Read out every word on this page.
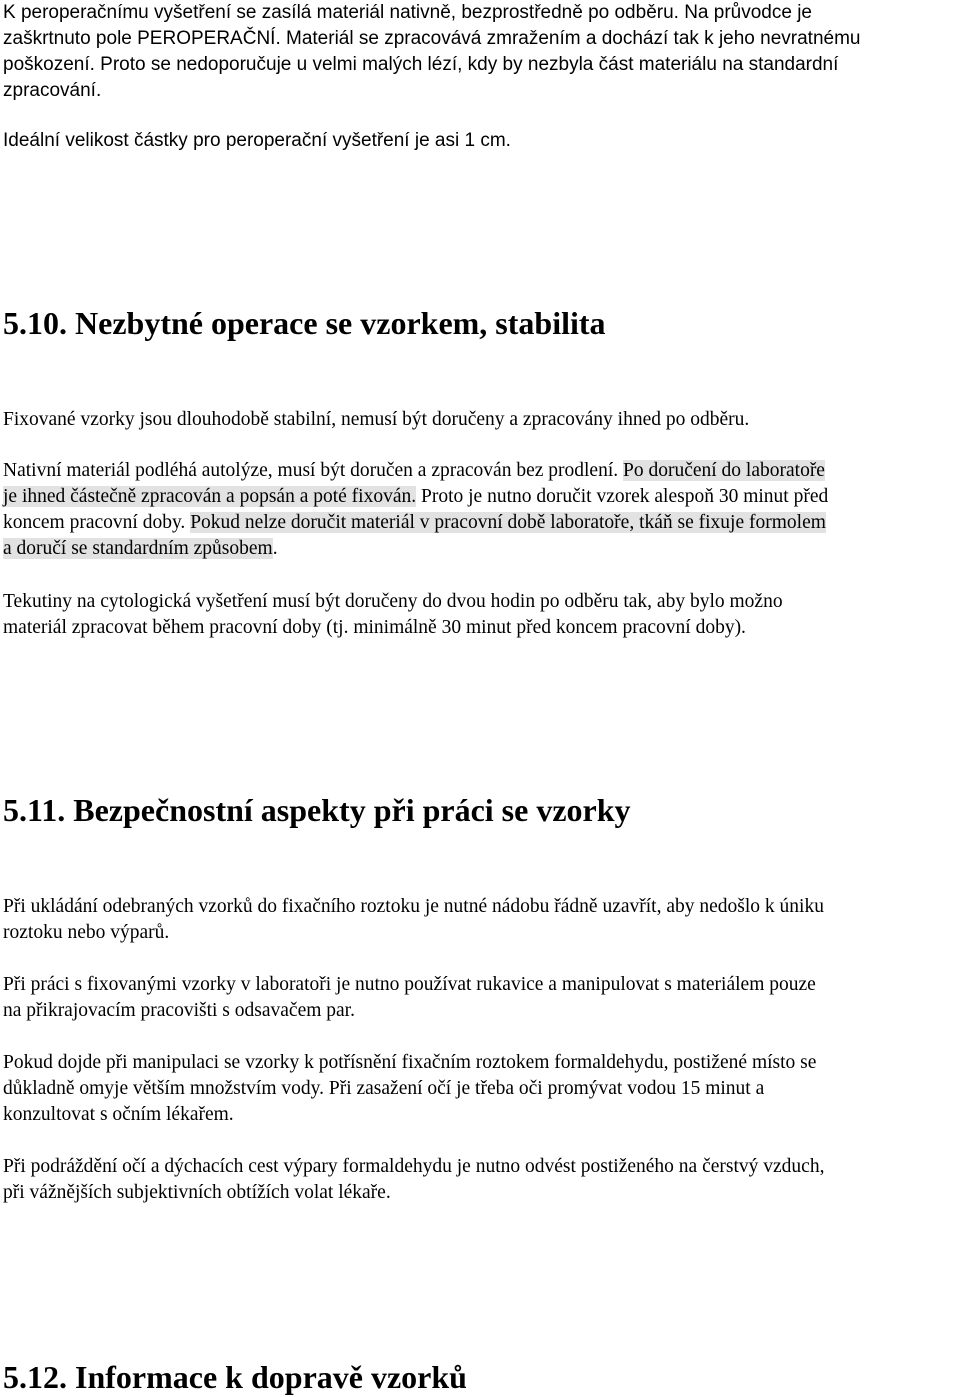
K peroperačnímu vyšetření se zasílá materiál nativně, bezprostředně po odběru. Na průvodce je
zaškrtnuto pole PEROPERAČNÍ. Materiál se zpracovává zmražením a dochází tak k jeho nevratnému
poškození. Proto se nedoporučuje u velmi malých lézí, kdy by nezbyla část materiálu na standardní
zpracování.

Ideální velikost částky pro peroperační vyšetření je asi 1 cm.

5.10. Nezbytné operace se vzorkem, stabilita

Fixované vzorky jsou dlouhodobě stabilní, nemusí být doručeny a zpracovány ihned po odběru.

Nativní materiál podléhá autolýze, musí být doručen a zpracován bez prodlení. Po doručení do laboratoře
je ihned částečně zpracován a popsán a poté fixován. Proto je nutno doručit vzorek alespoň 30 minut před
koncem pracovní doby. Pokud nelze doručit materiál v pracovní době laboratoře, tkáň se fixuje formolem
a doručí se standardním způsobem.

Tekutiny na cytologická vyšetření musí být doručeny do dvou hodin po odběru tak, aby bylo možno
materiál zpracovat během pracovní doby (tj. minimálně 30 minut před koncem pracovní doby).

5.11. Bezpečnostní aspekty při práci se vzorky

Při ukládání odebraných vzorků do fixačního roztoku je nutné nádobu řádně uzavřít, aby nedošlo k úniku
roztoku nebo výparů.

Při práci s fixovanými vzorky v laboratoři je nutno používat rukavice a manipulovat s materiálem pouze
na přikrajovacím pracovišti s odsavačem par.

Pokud dojde při manipulaci se vzorky k potřísnění fixačním roztokem formaldehydu, postižené místo se
důkladně omyje větším množstvím vody. Při zasažení očí je třeba oči promývat vodou 15 minut a
konzultovat s očním lékařem.

Při podráždění očí a dýchacích cest výpary formaldehydu je nutno odvést postiženého na čerstvý vzduch,
při vážnějších subjektivních obtížích volat lékaře.

5.12. Informace k dopravě vzorků
